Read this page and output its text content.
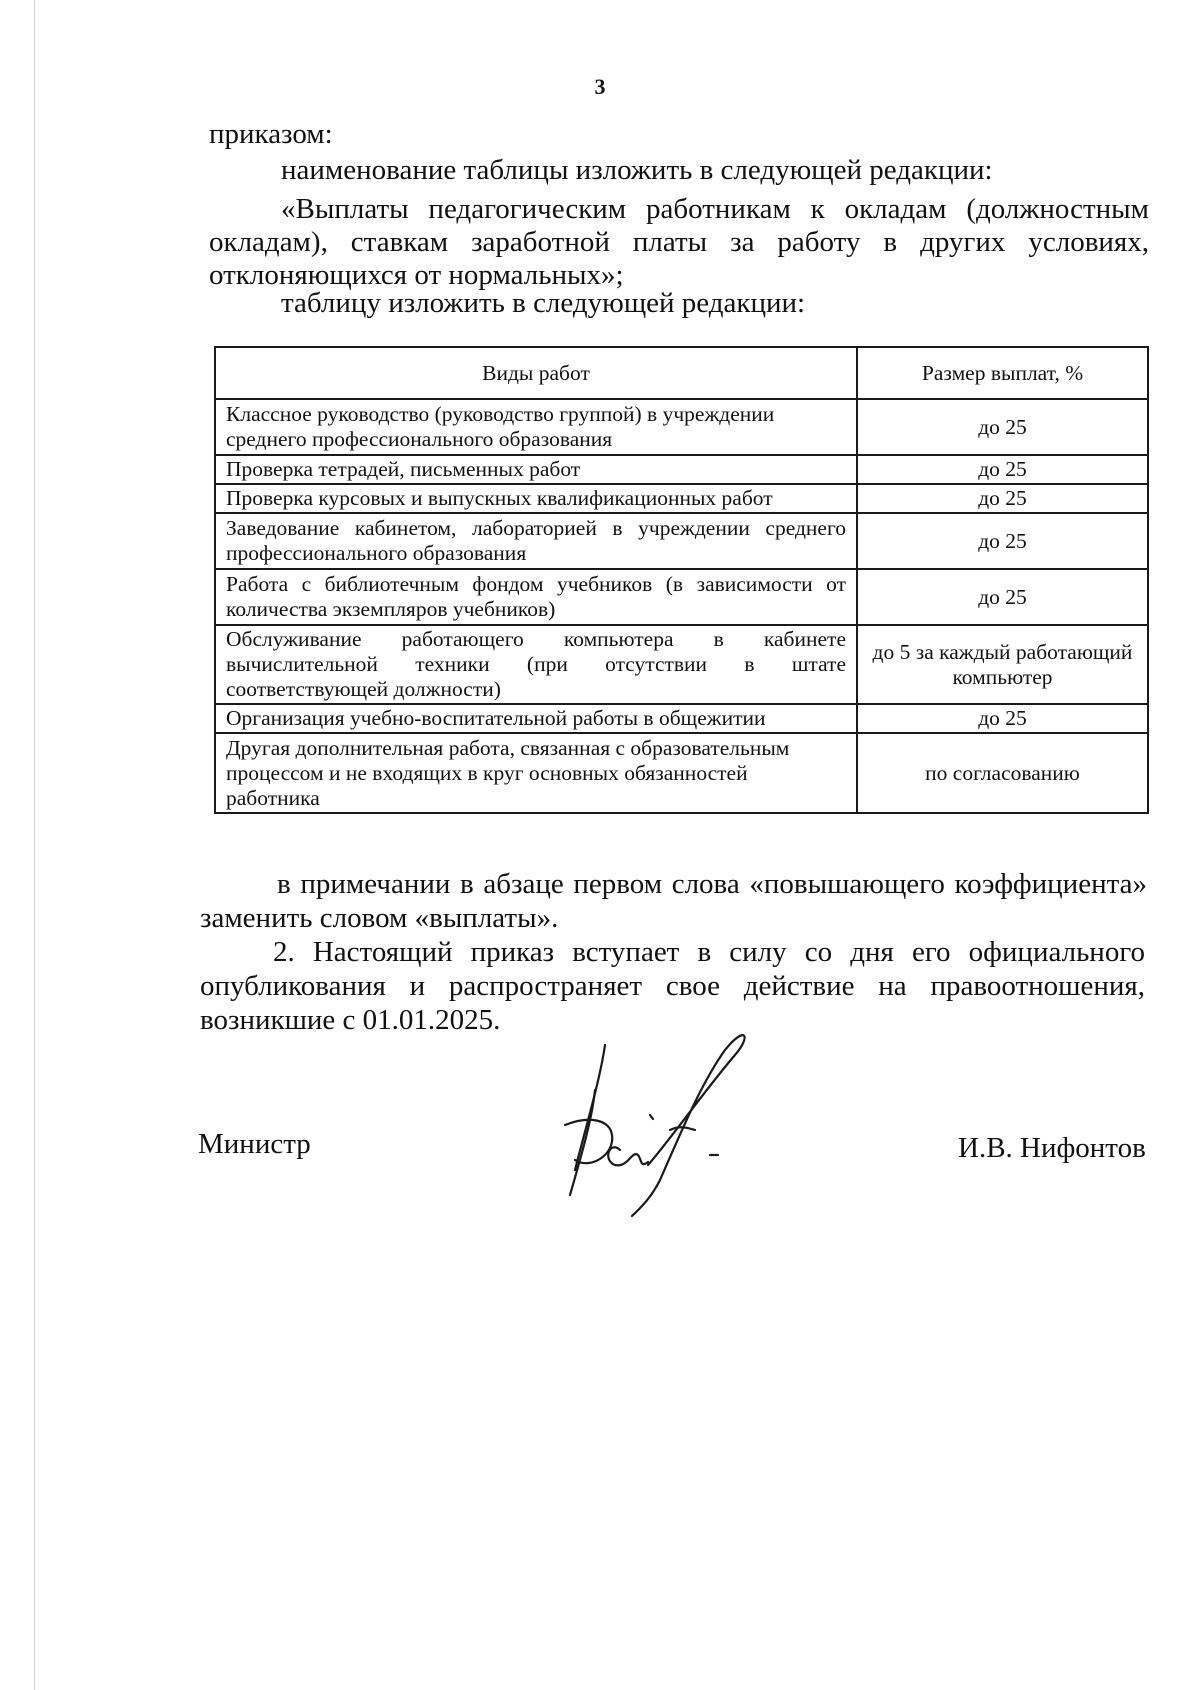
3

приказом:

наименование таблицы изложить в следующей редакции:

«Выплаты педагогическим работникам к окладам (должностным

окладам), ставкам заработной платы за работу в других условиях, отклоняющихся от нормальных»;

таблицу изложить в следующей редакции:

Виды работ	Размер выплат, %
Классное руководство (руководство группой) в учреждении среднего профессионального образования	до 25
Проверка тетрадей, письменных работ	до 25
Проверка курсовых и выпускных квалификационных работ	до 25
Заведование кабинетом, лабораторией в учреждении среднего профессионального образования	до 25
Работа с библиотечным фондом учебников (в зависимости от количества экземпляров учебников)	до 25
Обслуживание работающего компьютера в кабинете вычислительной техники (при отсутствии в штате соответствующей должности)	до 5 за каждый работающий компьютер
Организация учебно-воспитательной работы в общежитии	до 25
Другая дополнительная работа, связанная с образовательным процессом и не входящих в круг основных обязанностей работника	по согласованию

в примечании в абзаце первом слова «повышающего коэффициента»

заменить словом «выплаты».

2. Настоящий приказ вступает в силу со дня его официального

опубликования и распространяет свое действие на правоотношения,

возникшие с 01.01.2025.

Министр	И.В. Нифонтов
